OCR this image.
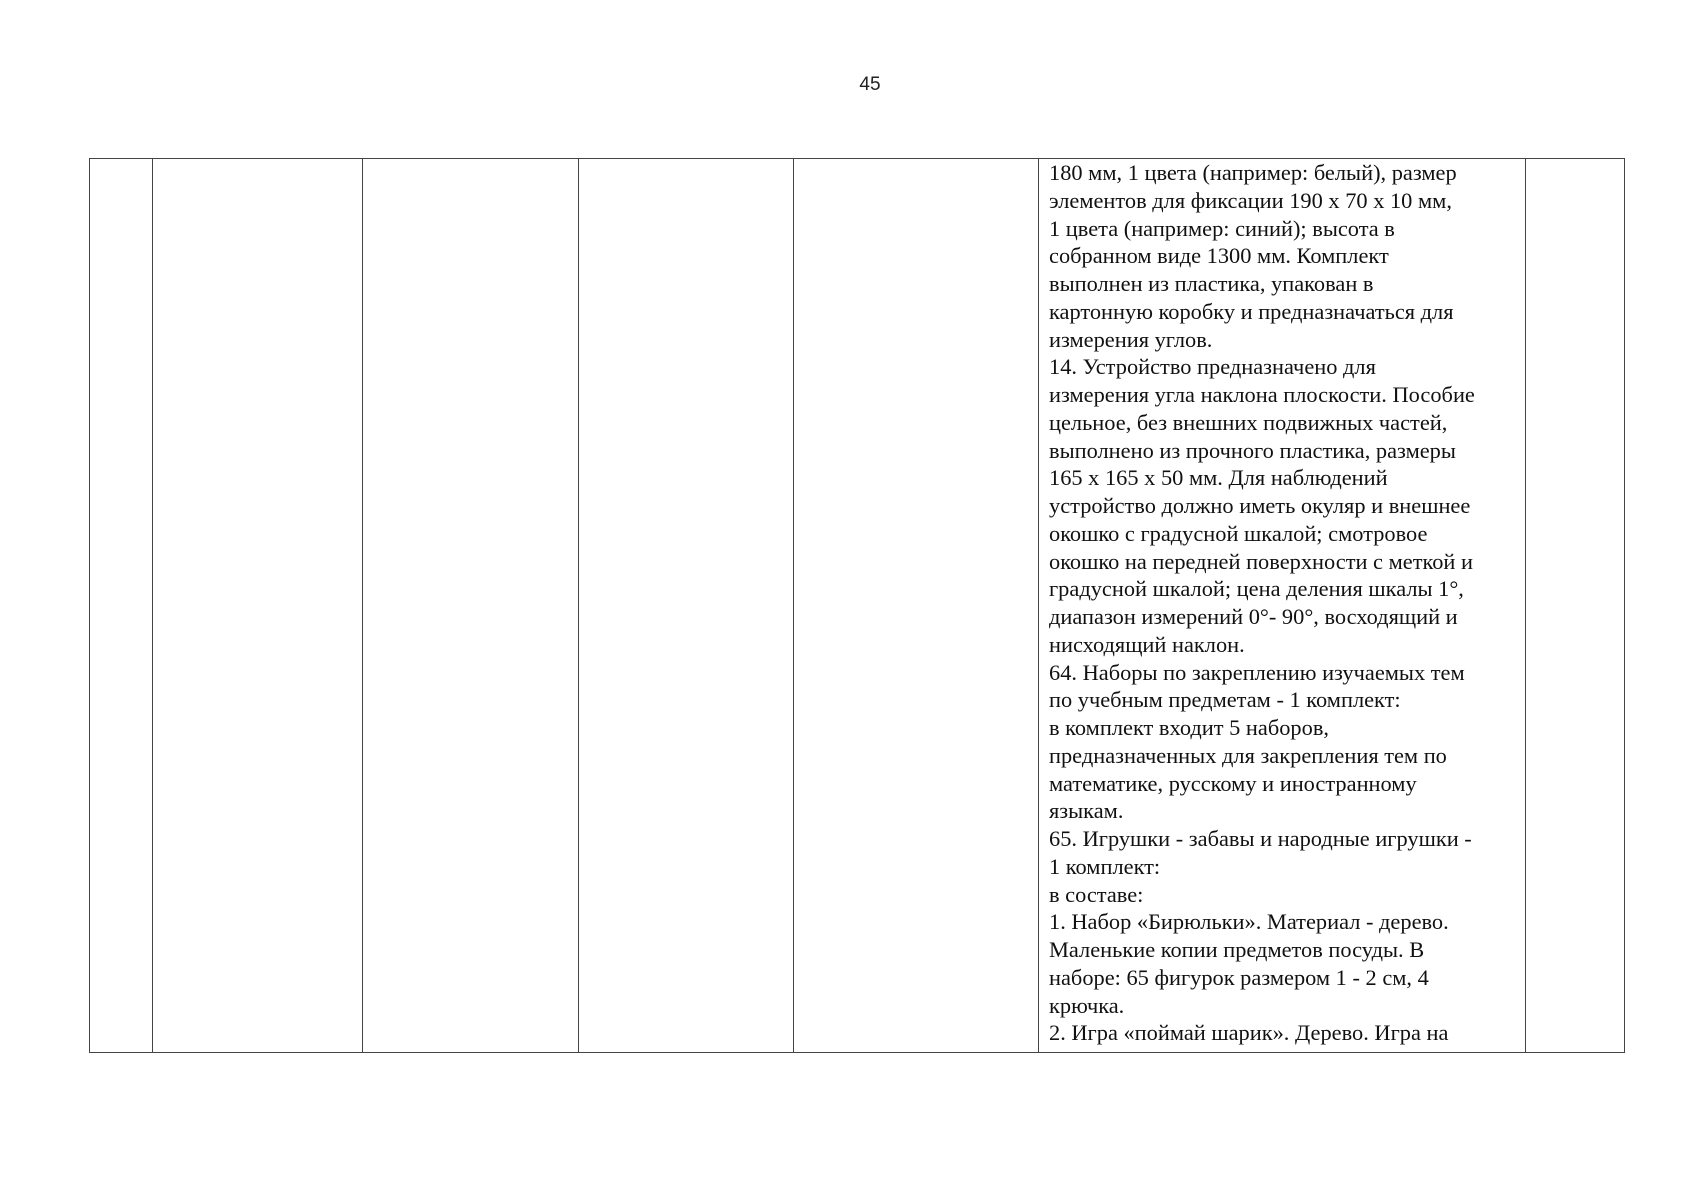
45

180 мм, 1 цвета (например: белый), размер
элементов для фиксации 190 х 70 х 10 мм,
1 цвета (например: синий); высота в
собранном виде 1300 мм. Комплект
выполнен из пластика, упакован в
картонную коробку и предназначаться для
измерения углов.
14. Устройство предназначено для
измерения угла наклона плоскости. Пособие
цельное, без внешних подвижных частей,
выполнено из прочного пластика, размеры
165 х 165 х 50 мм. Для наблюдений
устройство должно иметь окуляр и внешнее
окошко с градусной шкалой; смотровое
окошко на передней поверхности с меткой и
градусной шкалой; цена деления шкалы 1°,
диапазон измерений 0°- 90°, восходящий и
нисходящий наклон.
64. Наборы по закреплению изучаемых тем
по учебным предметам - 1 комплект:
в комплект входит 5 наборов,
предназначенных для закрепления тем по
математике, русскому и иностранному
языкам.
65. Игрушки - забавы и народные игрушки -
1 комплект:
в составе:
1. Набор «Бирюльки». Материал - дерево.
Маленькие копии предметов посуды. В
наборе: 65 фигурок размером 1 - 2 см, 4
крючка.
2. Игра «поймай шарик». Дерево. Игра на
